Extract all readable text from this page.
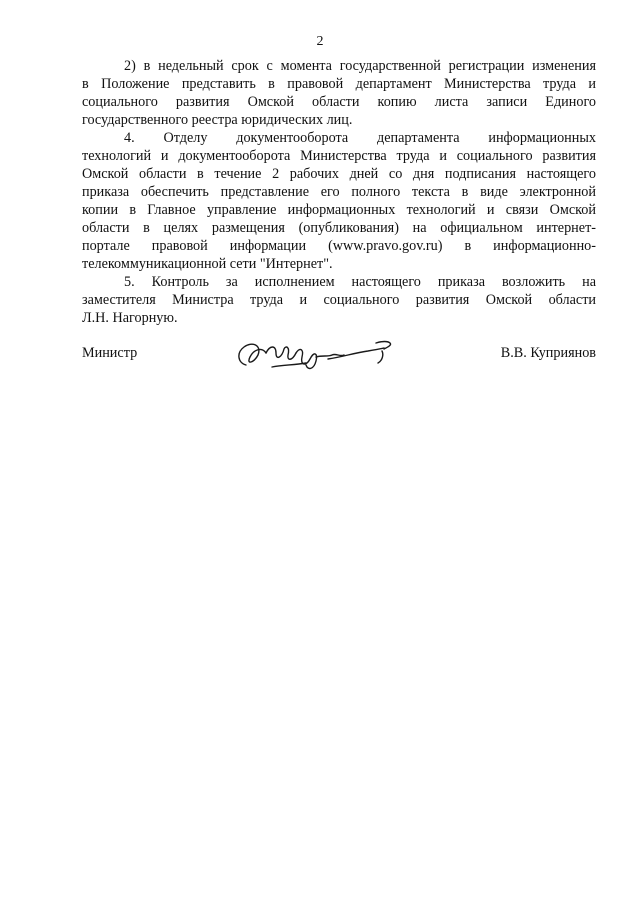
2
2) в недельный срок с момента государственной регистрации изменения
в Положение представить в правовой департамент Министерства труда и
социального развития Омской области копию листа записи Единого
государственного реестра юридических лиц.
4. Отделу документооборота департамента информационных
технологий и документооборота Министерства труда и социального развития
Омской области в течение 2 рабочих дней со дня подписания настоящего
приказа обеспечить представление его полного текста в виде электронной
копии в Главное управление информационных технологий и связи Омской
области в целях размещения (опубликования) на официальном интернет-
портале правовой информации (www.pravo.gov.ru) в информационно-
телекоммуникационной сети "Интернет".
5. Контроль за исполнением настоящего приказа возложить на
заместителя Министра труда и социального развития Омской области
Л.Н. Нагорную.
Министр	В.В. Куприянов
